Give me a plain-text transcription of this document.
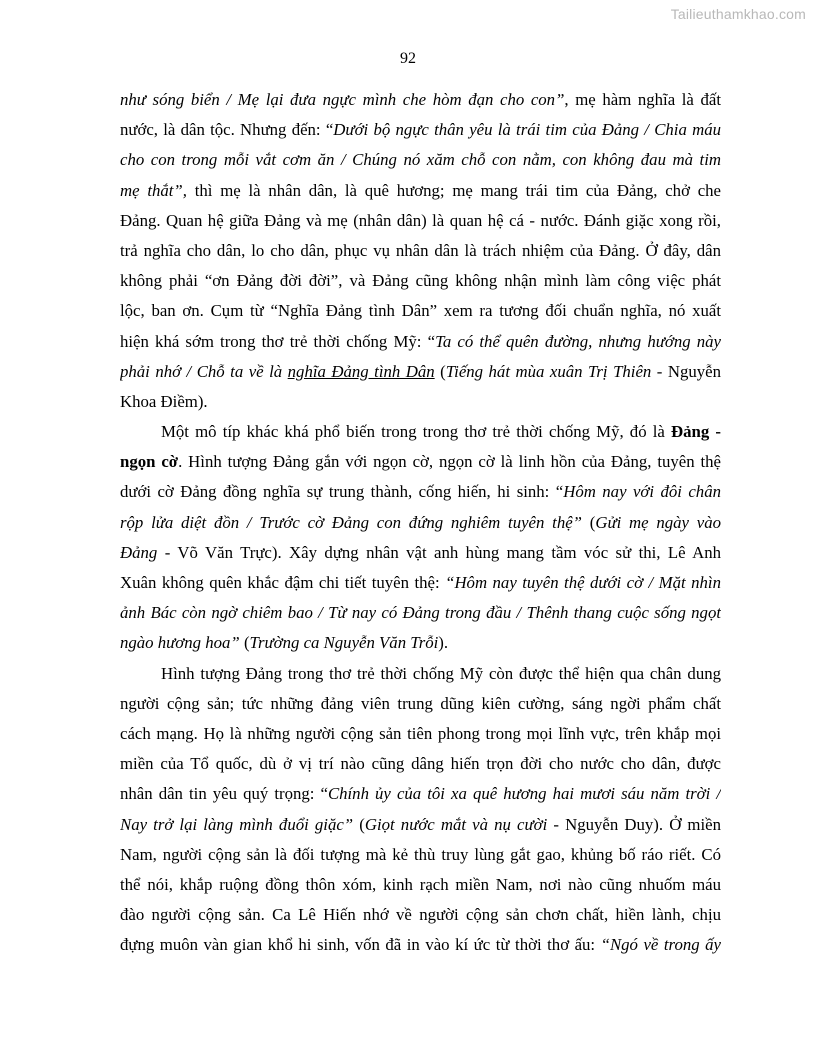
Tailieuthamkhao.com
92
như sóng biển / Mẹ lại đưa ngực mình che hòm đạn cho con”, mẹ hàm nghĩa là đất
nước, là dân tộc. Nhưng đến: “Dưới bộ ngực thân yêu là trái tim của Đảng / Chia máu
cho con trong mỗi vắt cơm ăn / Chúng nó xăm chỗ con nằm, con không đau mà tim
mẹ thắt”, thì mẹ là nhân dân, là quê hương; mẹ mang trái tim của Đảng, chở che
Đảng. Quan hệ giữa Đảng và mẹ (nhân dân) là quan hệ cá - nước. Đánh giặc xong rồi,
trả nghĩa cho dân, lo cho dân, phục vụ nhân dân là trách nhiệm của Đảng. Ở đây, dân
không phải “ơn Đảng đời đời”, và Đảng cũng không nhận mình làm công việc phát
lộc, ban ơn. Cụm từ “Nghĩa Đảng tình Dân” xem ra tương đối chuẩn nghĩa, nó xuất
hiện khá sớm trong thơ trẻ thời chống Mỹ: “Ta có thể quên đường, nhưng hướng này
phải nhớ / Chỗ ta về là nghĩa Đảng tình Dân (Tiếng hát mùa xuân Trị Thiên - Nguyễn
Khoa Điềm).
Một mô típ khác khá phổ biến trong trong thơ trẻ thời chống Mỹ, đó là Đảng -
ngọn cờ. Hình tượng Đảng gắn với ngọn cờ, ngọn cờ là linh hồn của Đảng, tuyên thệ
dưới cờ Đảng đồng nghĩa sự trung thành, cống hiến, hi sinh: “Hôm nay với đôi chân
rộp lửa diệt đồn / Trước cờ Đảng con đứng nghiêm tuyên thệ” (Gửi mẹ ngày vào
Đảng - Võ Văn Trực). Xây dựng nhân vật anh hùng mang tầm vóc sử thi, Lê Anh
Xuân không quên khắc đậm chi tiết tuyên thệ: “Hôm nay tuyên thệ dưới cờ / Mặt nhìn
ảnh Bác còn ngờ chiêm bao / Từ nay có Đảng trong đầu / Thênh thang cuộc sống ngọt
ngào hương hoa” (Trường ca Nguyễn Văn Trỗi).
Hình tượng Đảng trong thơ trẻ thời chống Mỹ còn được thể hiện qua chân dung
người cộng sản; tức những đảng viên trung dũng kiên cường, sáng ngời phẩm chất
cách mạng. Họ là những người cộng sản tiên phong trong mọi lĩnh vực, trên khắp mọi
miền của Tổ quốc, dù ở vị trí nào cũng dâng hiến trọn đời cho nước cho dân, được
nhân dân tin yêu quý trọng: “Chính ủy của tôi xa quê hương hai mươi sáu năm trời /
Nay trở lại làng mình đuổi giặc” (Giọt nước mắt và nụ cười - Nguyễn Duy). Ở miền
Nam, người cộng sản là đối tượng mà kẻ thù truy lùng gắt gao, khủng bố ráo riết. Có
thể nói, khắp ruộng đồng thôn xóm, kinh rạch miền Nam, nơi nào cũng nhuốm máu
đào người cộng sản. Ca Lê Hiến nhớ về người cộng sản chơn chất, hiền lành, chịu
đựng muôn vàn gian khổ hi sinh, vốn đã in vào kí ức từ thời thơ ấu: “Ngó về trong ấy
